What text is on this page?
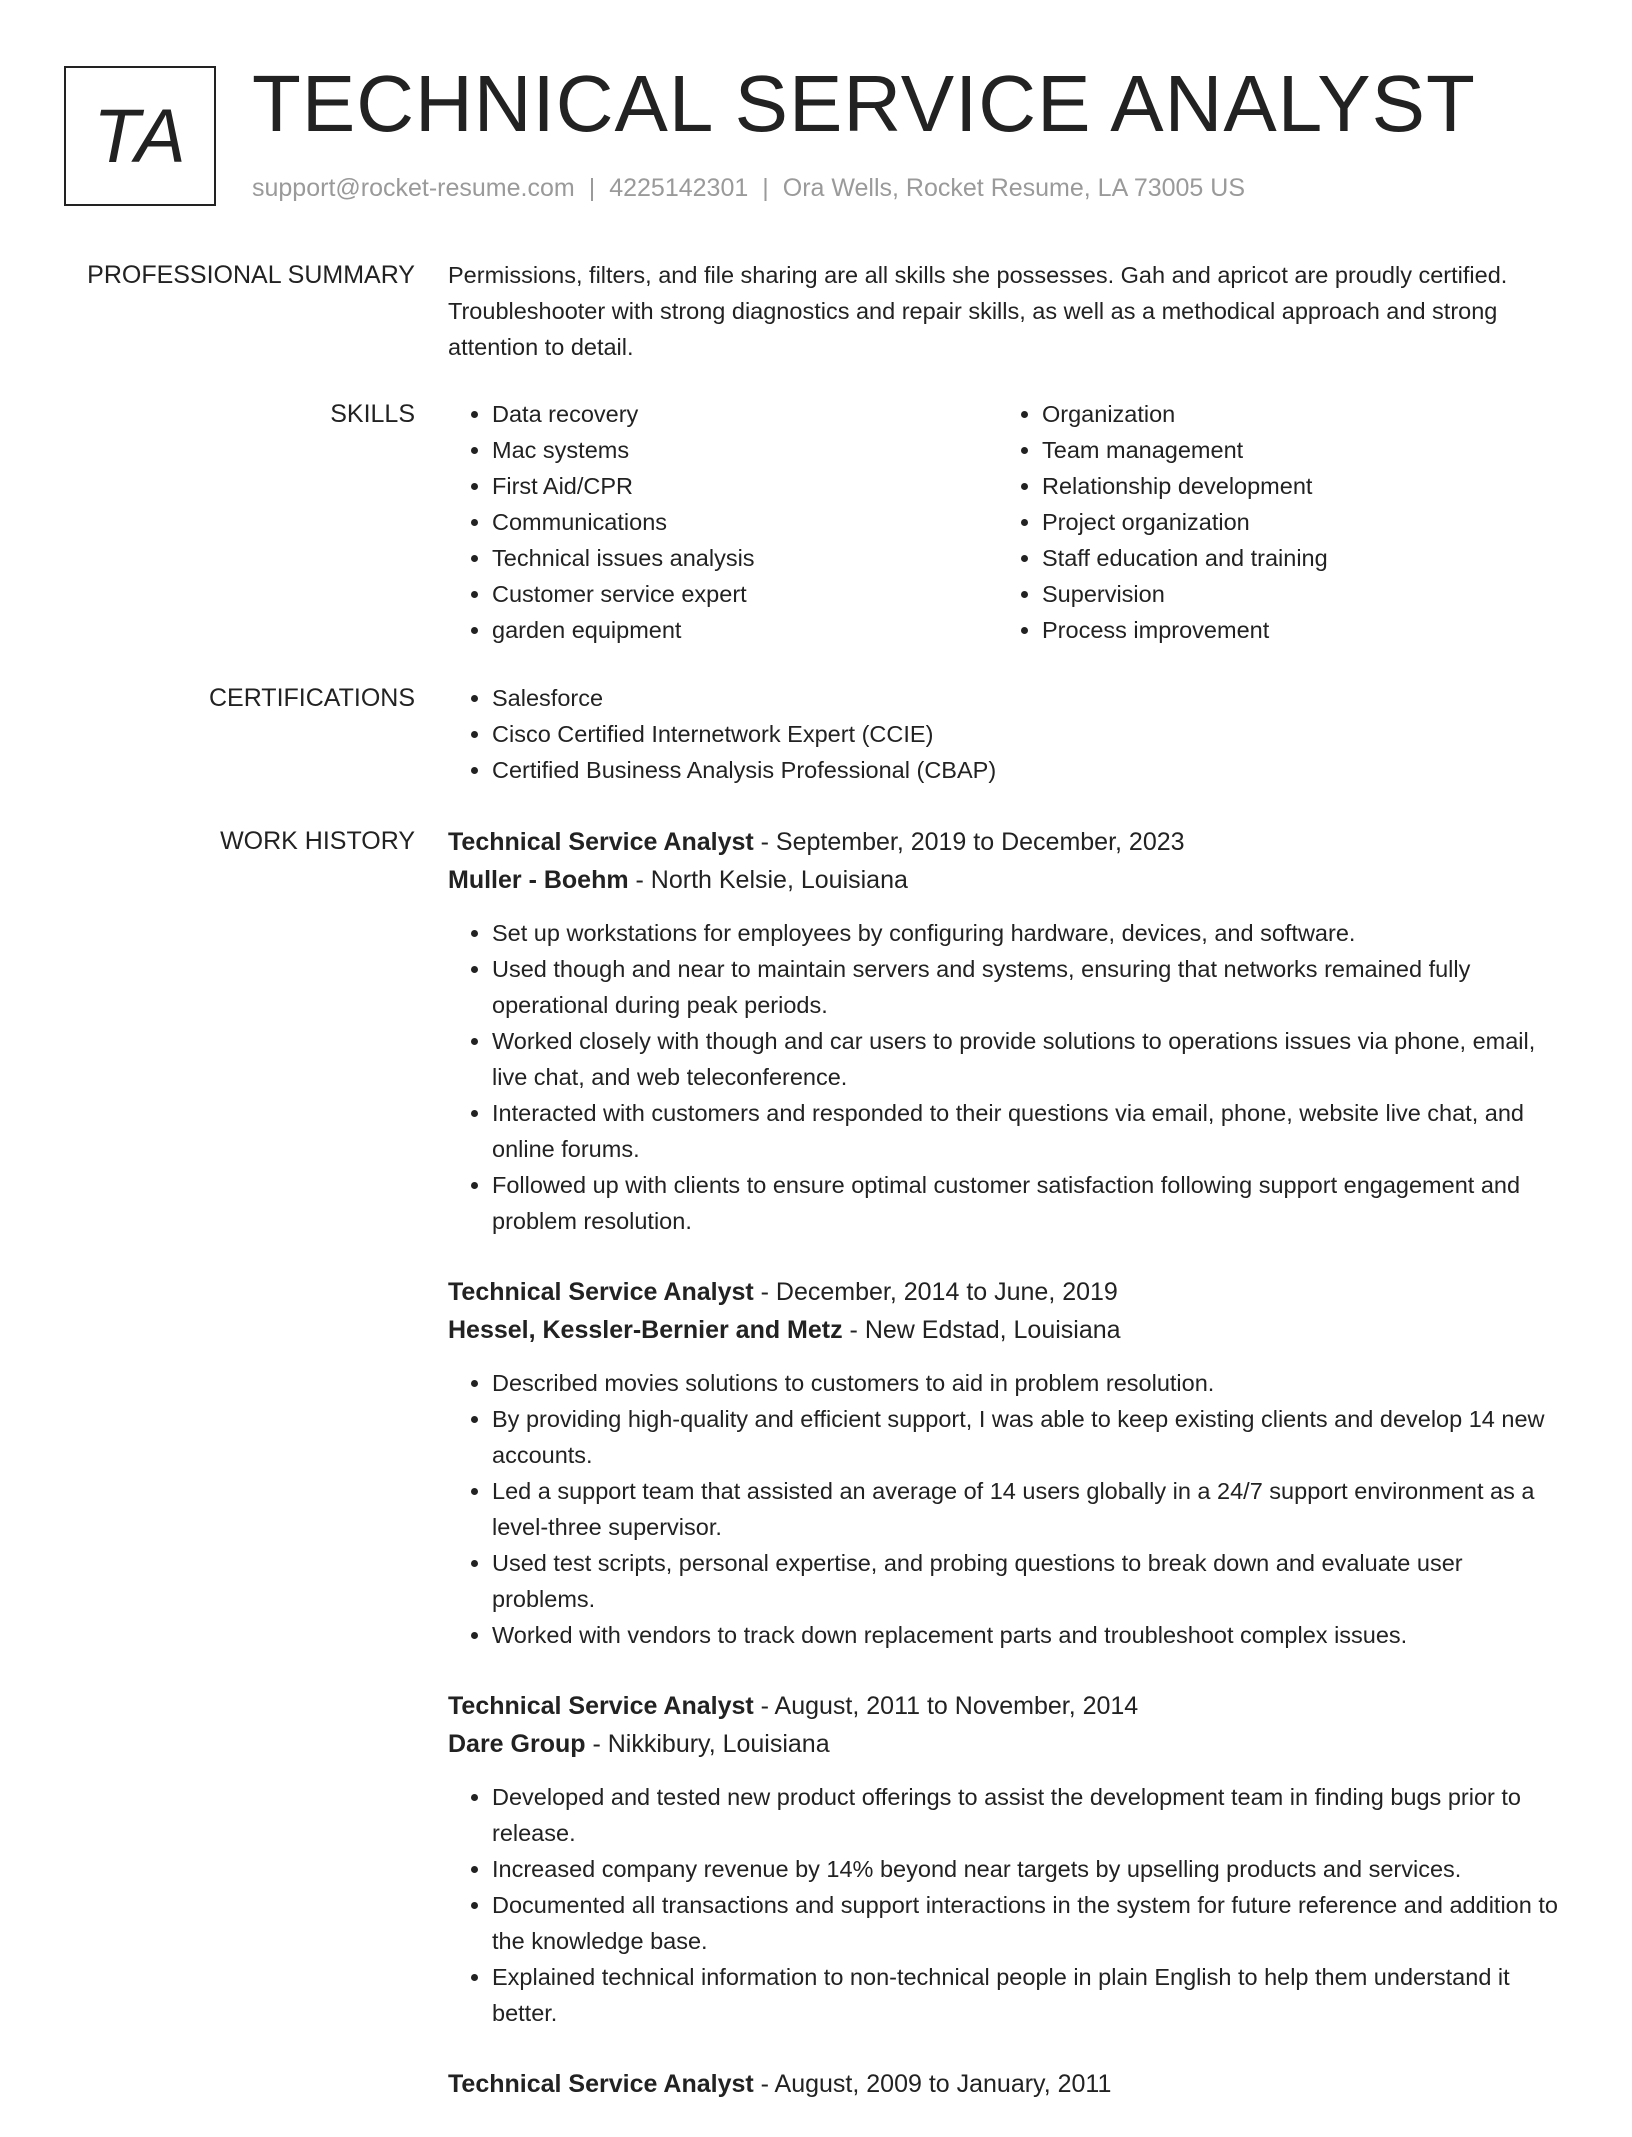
TA TECHNICAL SERVICE ANALYST
support@rocket-resume.com | 4225142301 | Ora Wells, Rocket Resume, LA 73005 US
PROFESSIONAL SUMMARY Permissions, filters, and file sharing are all skills she possesses. Gah and apricot are proudly certified. Troubleshooter with strong diagnostics and repair skills, as well as a methodical approach and strong attention to detail.
SKILLS	• Data recovery
• Mac systems
• First Aid/CPR
• Communications
• Technical issues analysis
• Customer service expert
• garden equipment
• Organization
• Team management
• Relationship development
• Project organization
• Staff education and training
• Supervision
• Process improvement
CERTIFICATIONS	• Salesforce
• Cisco Certified Internetwork Expert (CCIE)
• Certified Business Analysis Professional (CBAP)
WORK HISTORY Technical Service Analyst - September, 2019 to December, 2023
Muller - Boehm - North Kelsie, Louisiana
• Set up workstations for employees by configuring hardware, devices, and software.
• Used though and near to maintain servers and systems, ensuring that networks remained fully operational during peak periods.
• Worked closely with though and car users to provide solutions to operations issues via phone, email, live chat, and web teleconference.
• Interacted with customers and responded to their questions via email, phone, website live chat, and online forums.
• Followed up with clients to ensure optimal customer satisfaction following support engagement and problem resolution.
Technical Service Analyst - December, 2014 to June, 2019
Hessel, Kessler-Bernier and Metz - New Edstad, Louisiana
• Described movies solutions to customers to aid in problem resolution.
• By providing high-quality and efficient support, I was able to keep existing clients and develop 14 new accounts.
• Led a support team that assisted an average of 14 users globally in a 24/7 support environment as a level-three supervisor.
• Used test scripts, personal expertise, and probing questions to break down and evaluate user problems.
• Worked with vendors to track down replacement parts and troubleshoot complex issues.
Technical Service Analyst - August, 2011 to November, 2014
Dare Group - Nikkibury, Louisiana
• Developed and tested new product offerings to assist the development team in finding bugs prior to release.
• Increased company revenue by 14% beyond near targets by upselling products and services.
• Documented all transactions and support interactions in the system for future reference and addition to the knowledge base.
• Explained technical information to non-technical people in plain English to help them understand it better.
Technical Service Analyst - August, 2009 to January, 2011
